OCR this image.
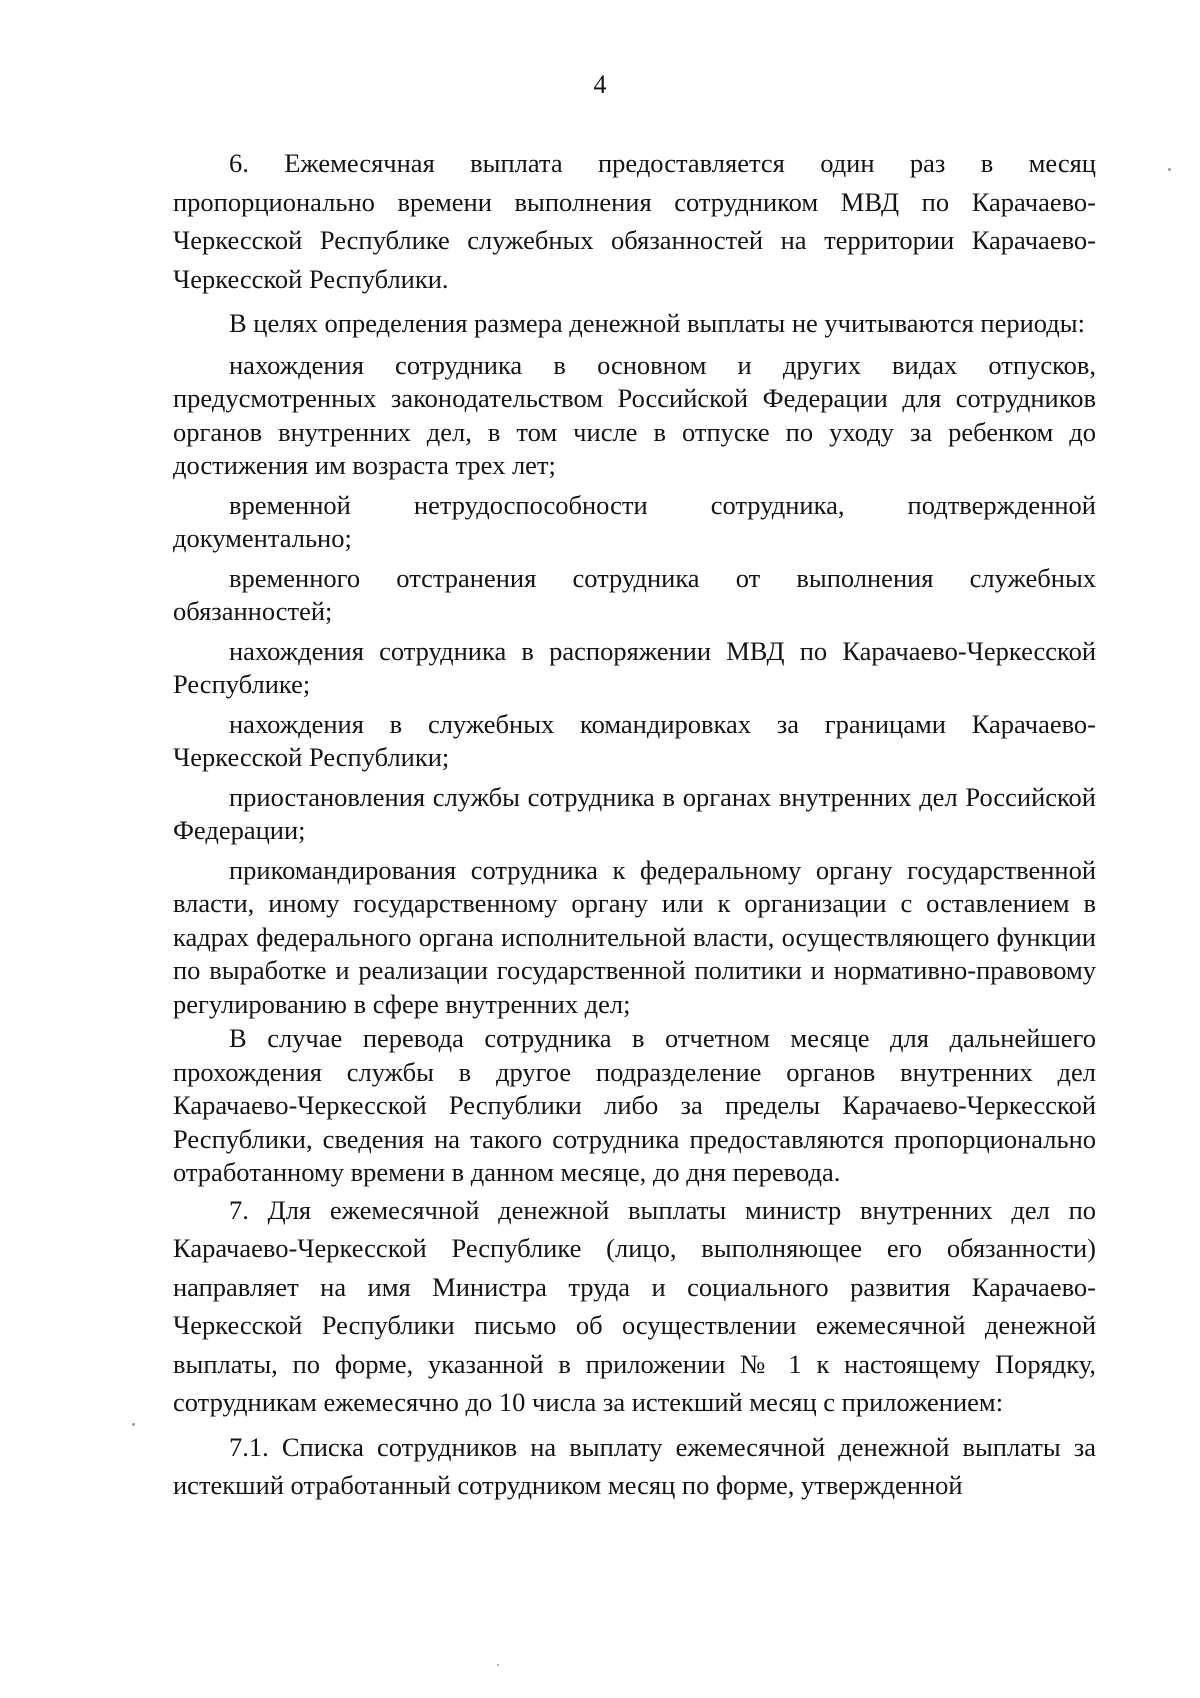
4

6. Ежемесячная выплата предоставляется один раз в месяц пропорционально времени выполнения сотрудником МВД по Карачаево-Черкесской Республике служебных обязанностей на территории Карачаево-Черкесской Республики.

В целях определения размера денежной выплаты не учитываются периоды:

нахождения сотрудника в основном и других видах отпусков, предусмотренных законодательством Российской Федерации для сотрудников органов внутренних дел, в том числе в отпуске по уходу за ребенком до достижения им возраста трех лет;

временной нетрудоспособности сотрудника, подтвержденной документально;

временного отстранения сотрудника от выполнения служебных обязанностей;

нахождения сотрудника в распоряжении МВД по Карачаево-Черкесской Республике;

нахождения в служебных командировках за границами Карачаево-Черкесской Республики;

приостановления службы сотрудника в органах внутренних дел Российской Федерации;

прикомандирования сотрудника к федеральному органу государственной власти, иному государственному органу или к организации с оставлением в кадрах федерального органа исполнительной власти, осуществляющего функции по выработке и реализации государственной политики и нормативно-правовому регулированию в сфере внутренних дел;

В случае перевода сотрудника в отчетном месяце для дальнейшего прохождения службы в другое подразделение органов внутренних дел Карачаево-Черкесской Республики либо за пределы Карачаево-Черкесской Республики, сведения на такого сотрудника предоставляются пропорционально отработанному времени в данном месяце, до дня перевода.

7. Для ежемесячной денежной выплаты министр внутренних дел по Карачаево-Черкесской Республике (лицо, выполняющее его обязанности) направляет на имя Министра труда и социального развития Карачаево-Черкесской Республики письмо об осуществлении ежемесячной денежной выплаты, по форме, указанной в приложении № 1 к настоящему Порядку, сотрудникам ежемесячно до 10 числа за истекший месяц с приложением:

7.1. Списка сотрудников на выплату ежемесячной денежной выплаты за истекший отработанный сотрудником месяц по форме, утвержденной
